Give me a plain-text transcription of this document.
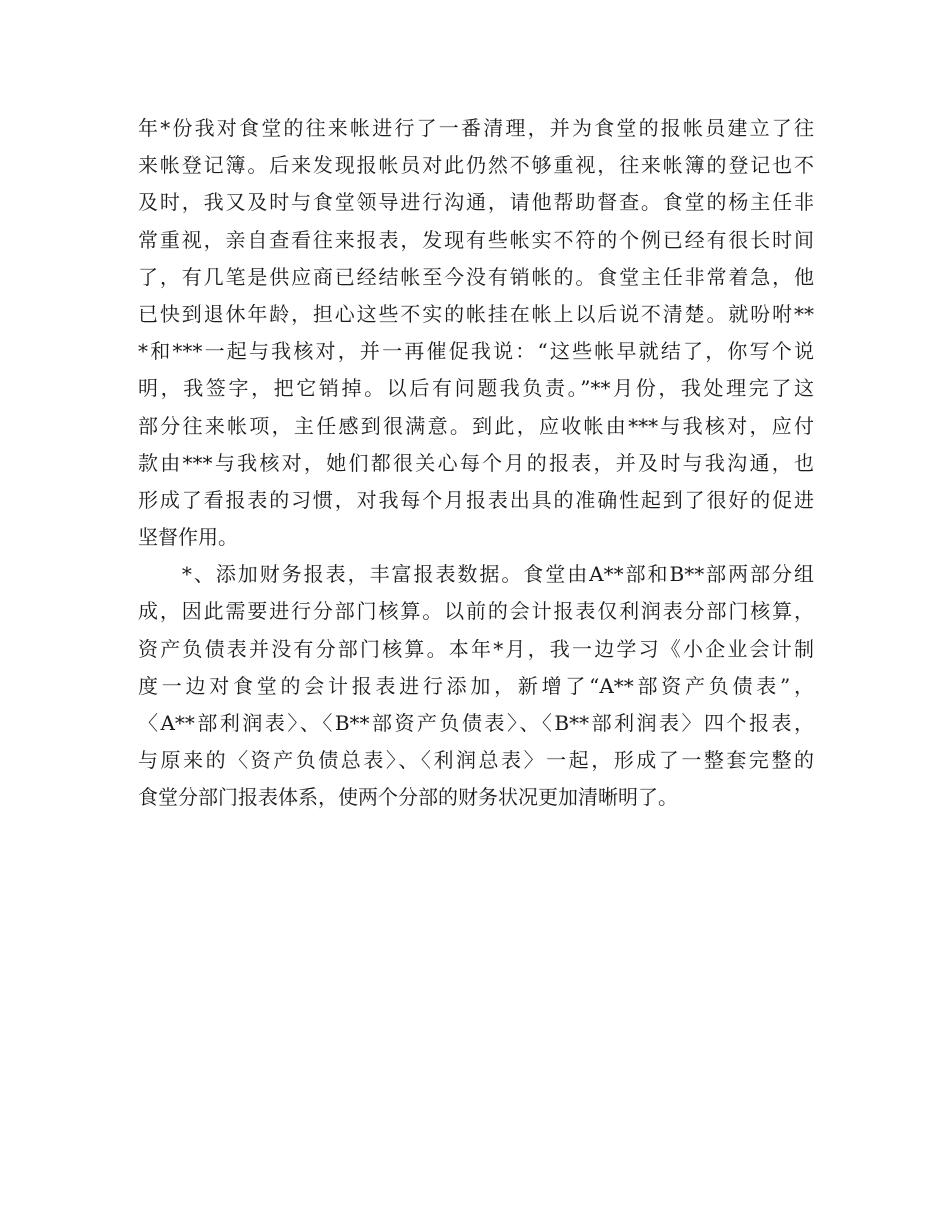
年*份我对食堂的往来帐进行了一番清理，并为食堂的报帐员建立了往
来帐登记簿。后来发现报帐员对此仍然不够重视，往来帐簿的登记也不
及时，我又及时与食堂领导进行沟通，请他帮助督查。食堂的杨主任非
常重视，亲自查看往来报表，发现有些帐实不符的个例已经有很长时间
了，有几笔是供应商已经结帐至今没有销帐的。食堂主任非常着急，他
已快到退休年龄，担心这些不实的帐挂在帐上以后说不清楚。就吩咐**
*和***一起与我核对，并一再催促我说：“这些帐早就结了，你写个说
明，我签字，把它销掉。以后有问题我负责。”**月份，我处理完了这
部分往来帐项，主任感到很满意。到此，应收帐由***与我核对，应付
款由***与我核对，她们都很关心每个月的报表，并及时与我沟通，也
形成了看报表的习惯，对我每个月报表出具的准确性起到了很好的促进
坚督作用。
　　*、添加财务报表，丰富报表数据。食堂由A**部和B**部两部分组
成，因此需要进行分部门核算。以前的会计报表仅利润表分部门核算，
资产负债表并没有分部门核算。本年*月，我一边学习《小企业会计制
度一边对食堂的会计报表进行添加，新增了“A**部资产负债表”，
〈A**部利润表〉、〈B**部资产负债表〉、〈B**部利润表〉四个报表，
与原来的〈资产负债总表〉、〈利润总表〉一起，形成了一整套完整的
食堂分部门报表体系，使两个分部的财务状况更加清晰明了。
